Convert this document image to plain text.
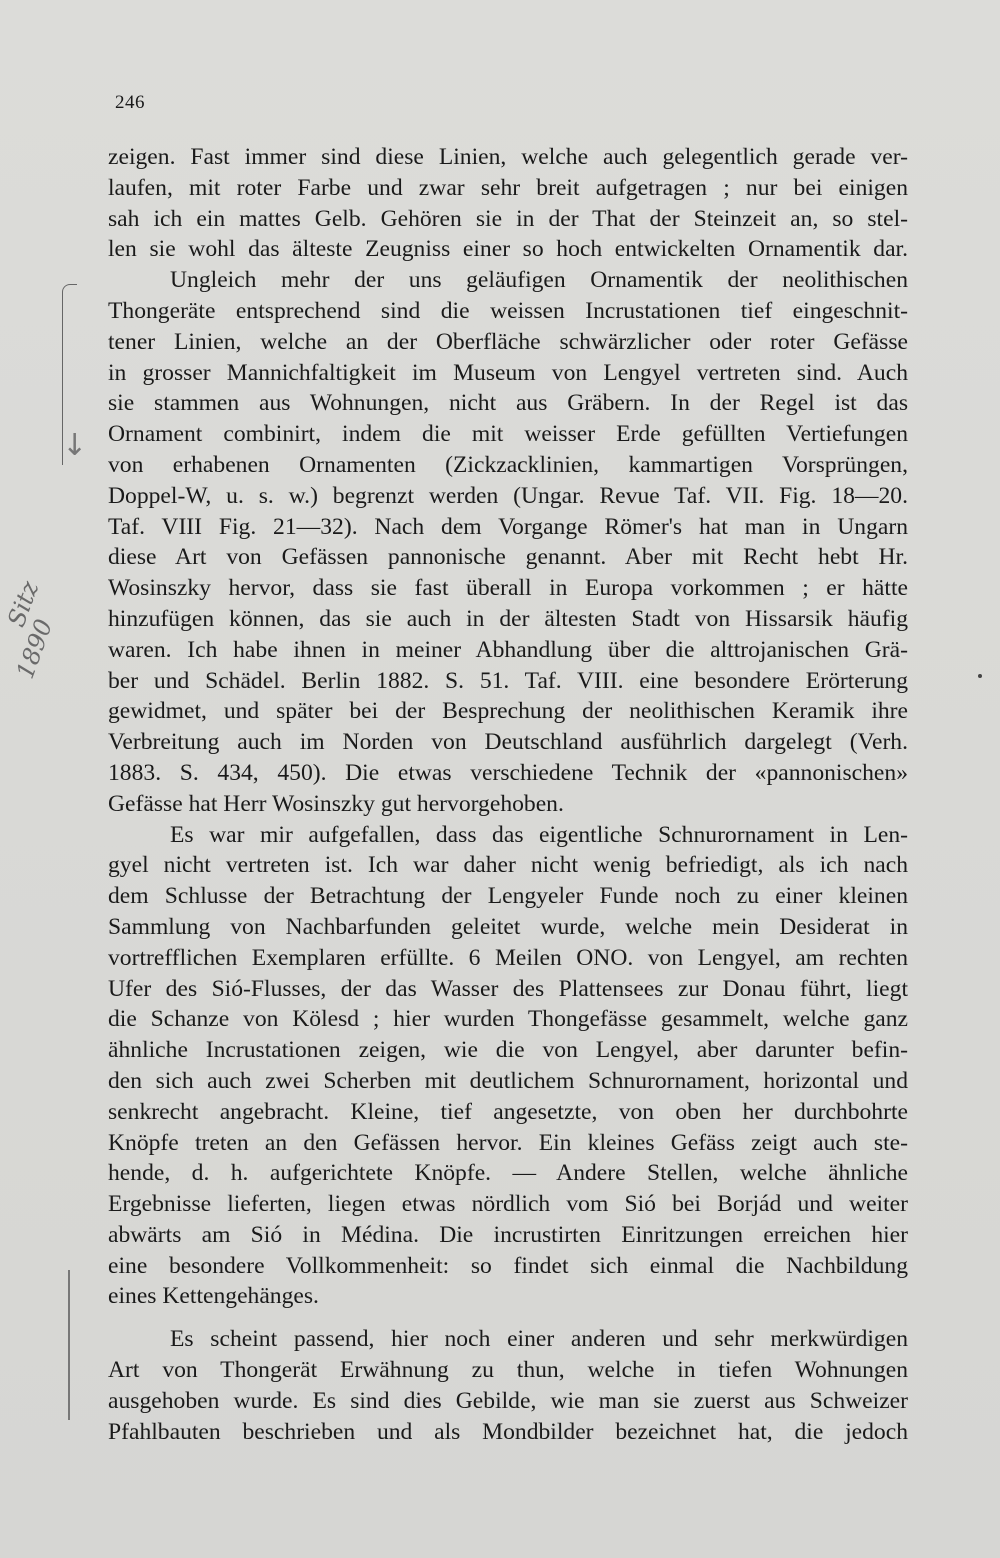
246
↓
Sitz
1890
zeigen. Fast immer sind diese Linien, welche auch gelegentlich gerade ver-
laufen, mit roter Farbe und zwar sehr breit aufgetragen ; nur bei einigen
sah ich ein mattes Gelb. Gehören sie in der That der Steinzeit an, so stel-
len sie wohl das älteste Zeugniss einer so hoch entwickelten Ornamentik dar.
Ungleich mehr der uns geläufigen Ornamentik der neolithischen
Thongeräte entsprechend sind die weissen Incrustationen tief eingeschnit-
tener Linien, welche an der Oberfläche schwärzlicher oder roter Gefässe
in grosser Mannichfaltigkeit im Museum von Lengyel vertreten sind. Auch
sie stammen aus Wohnungen, nicht aus Gräbern. In der Regel ist das
Ornament combinirt, indem die mit weisser Erde gefüllten Vertiefungen
von erhabenen Ornamenten (Zickzacklinien, kammartigen Vorsprüngen,
Doppel-W, u. s. w.) begrenzt werden (Ungar. Revue Taf. VII. Fig. 18—20.
Taf. VIII Fig. 21—32). Nach dem Vorgange Römer's hat man in Ungarn
diese Art von Gefässen pannonische genannt. Aber mit Recht hebt Hr.
Wosinszky hervor, dass sie fast überall in Europa vorkommen ; er hätte
hinzufügen können, das sie auch in der ältesten Stadt von Hissarsik häufig
waren. Ich habe ihnen in meiner Abhandlung über die alttrojanischen Grä-
ber und Schädel. Berlin 1882. S. 51. Taf. VIII. eine besondere Erörterung
gewidmet, und später bei der Besprechung der neolithischen Keramik ihre
Verbreitung auch im Norden von Deutschland ausführlich dargelegt (Verh.
1883. S. 434, 450). Die etwas verschiedene Technik der «pannonischen»
Gefässe hat Herr Wosinszky gut hervorgehoben.
Es war mir aufgefallen, dass das eigentliche Schnurornament in Len-
gyel nicht vertreten ist. Ich war daher nicht wenig befriedigt, als ich nach
dem Schlusse der Betrachtung der Lengyeler Funde noch zu einer kleinen
Sammlung von Nachbarfunden geleitet wurde, welche mein Desiderat in
vortrefflichen Exemplaren erfüllte. 6 Meilen ONO. von Lengyel, am rechten
Ufer des Sió-Flusses, der das Wasser des Plattensees zur Donau führt, liegt
die Schanze von Kölesd ; hier wurden Thongefässe gesammelt, welche ganz
ähnliche Incrustationen zeigen, wie die von Lengyel, aber darunter befin-
den sich auch zwei Scherben mit deutlichem Schnurornament, horizontal und
senkrecht angebracht. Kleine, tief angesetzte, von oben her durchbohrte
Knöpfe treten an den Gefässen hervor. Ein kleines Gefäss zeigt auch ste-
hende, d. h. aufgerichtete Knöpfe. — Andere Stellen, welche ähnliche
Ergebnisse lieferten, liegen etwas nördlich vom Sió bei Borjád und weiter
abwärts am Sió in Médina. Die incrustirten Einritzungen erreichen hier
eine besondere Vollkommenheit: so findet sich einmal die Nachbildung
eines Kettengehänges.
Es scheint passend, hier noch einer anderen und sehr merkwürdigen
Art von Thongerät Erwähnung zu thun, welche in tiefen Wohnungen
ausgehoben wurde. Es sind dies Gebilde, wie man sie zuerst aus Schweizer
Pfahlbauten beschrieben und als Mondbilder bezeichnet hat, die jedoch
